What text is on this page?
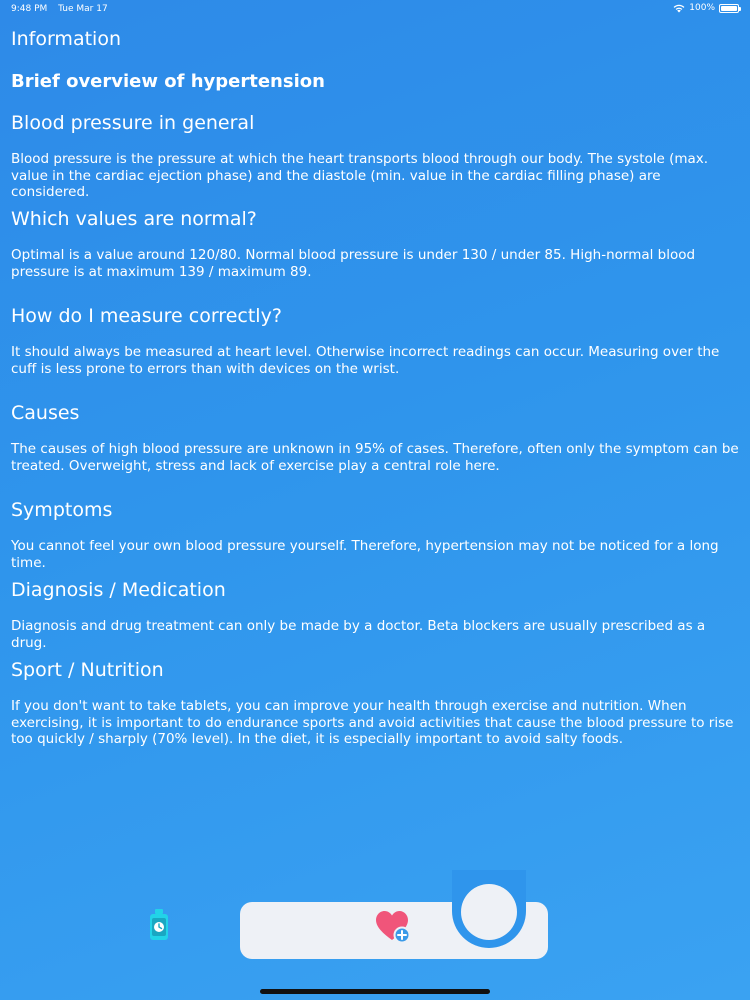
9:48 PM Tue Mar 17	100%
Information
Brief overview of hypertension
Blood pressure in general

Blood pressure is the pressure at which the heart transports blood through our body. The systole (max. value in the cardiac ejection phase) and the diastole (min. value in the cardiac filling phase) are considered.

Which values are normal?

Optimal is a value around 120/80. Normal blood pressure is under 130 / under 85. High-normal blood pressure is at maximum 139 / maximum 89.

How do I measure correctly?

It should always be measured at heart level. Otherwise incorrect readings can occur. Measuring over the cuff is less prone to errors than with devices on the wrist.

Causes

The causes of high blood pressure are unknown in 95% of cases. Therefore, often only the symptom can be treated. Overweight, stress and lack of exercise play a central role here.

Symptoms

You cannot feel your own blood pressure yourself. Therefore, hypertension may not be noticed for a long time.

Diagnosis / Medication

Diagnosis and drug treatment can only be made by a doctor. Beta blockers are usually prescribed as a drug.

Sport / Nutrition

If you don't want to take tablets, you can improve your health through exercise and nutrition. When exercising, it is important to do endurance sports and avoid activities that cause the blood pressure to rise too quickly / sharply (70% level). In the diet, it is especially important to avoid salty foods.
